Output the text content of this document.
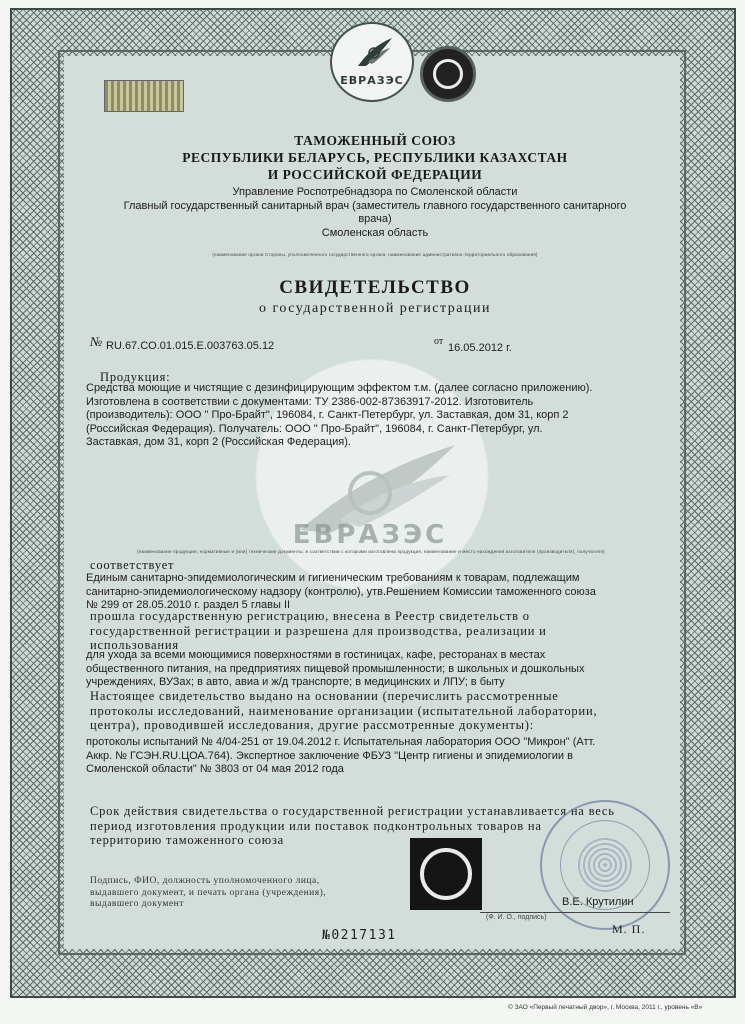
ЕВРАЗЭС
ТАМОЖЕННЫЙ СОЮЗ
РЕСПУБЛИКИ БЕЛАРУСЬ, РЕСПУБЛИКИ КАЗАХСТАН
И РОССИЙСКОЙ ФЕДЕРАЦИИ
Управление Роспотребнадзора по Смоленской области
Главный государственный санитарный врач (заместитель главного государственного санитарного
врача)
Смоленская область
(наименование органа Стороны, уполномоченного государственного органа, наименование административно-территориального образования)
СВИДЕТЕЛЬСТВО
о государственной регистрации
№ RU.67.CO.01.015.E.003763.05.12	от
16.05.2012 г.
ЕВРАЗЭС
Продукция:
Средства моющие и чистящие с дезинфицирующим эффектом т.м. (далее согласно приложению).
Изготовлена в соответствии с документами: ТУ 2386-002-87363917-2012. Изготовитель
(производитель): ООО " Про-Брайт", 196084, г. Санкт-Петербург, ул. Заставкая, дом 31, корп 2
(Российская Федерация). Получатель: ООО " Про-Брайт", 196084, г. Санкт-Петербург, ул.
Заставкая, дом 31, корп 2 (Российская Федерация).
(наименование продукции, нормативные и (или) технические документы, в соответствии с которыми изготовлена продукция, наименование и место нахождения изготовителя (производителя), получателя)
соответствует
Единым санитарно-эпидемиологическим и гигиеническим требованиям к товарам, подлежащим
санитарно-эпидемиологическому надзору (контролю), утв.Решением Комиссии таможенного союза
№ 299 от 28.05.2010 г. раздел 5 главы II
прошла государственную регистрацию, внесена в Реестр свидетельств о
государственной регистрации и разрешена для производства, реализации и
использования
для ухода за всеми моющимися поверхностями в гостиницах, кафе, ресторанах в местах
общественного питания, на предприятиях пищевой промышленности; в школьных и дошкольных
учреждениях, ВУЗах; в авто, авиа и ж/д транспорте; в медицинских и ЛПУ; в быту
Настоящее свидетельство выдано на основании (перечислить рассмотренные
протоколы исследований, наименование организации (испытательной лаборатории,
центра), проводившей исследования, другие рассмотренные документы):
протоколы испытаний № 4/04-251 от 19.04.2012 г. Испытательная лаборатория ООО "Микрон" (Атт.
Аккр. № ГСЭН.RU.ЦОА.764). Экспертное заключение ФБУЗ "Центр гигиены и эпидемиологии в
Смоленской области" № 3803 от 04 мая 2012 года
Срок действия свидетельства о государственной регистрации устанавливается на весь
период изготовления продукции или поставок подконтрольных товаров на
территорию таможенного союза
Подпись, ФИО, должность уполномоченного лица,
выдавшего документ, и печать органа (учреждения),
выдавшего документ	В.Е. Крутилин
(Ф. И. О., подпись)
М. П.
№0217131
© ЗАО «Первый печатный двор», г. Москва, 2011 г., уровень «В»
